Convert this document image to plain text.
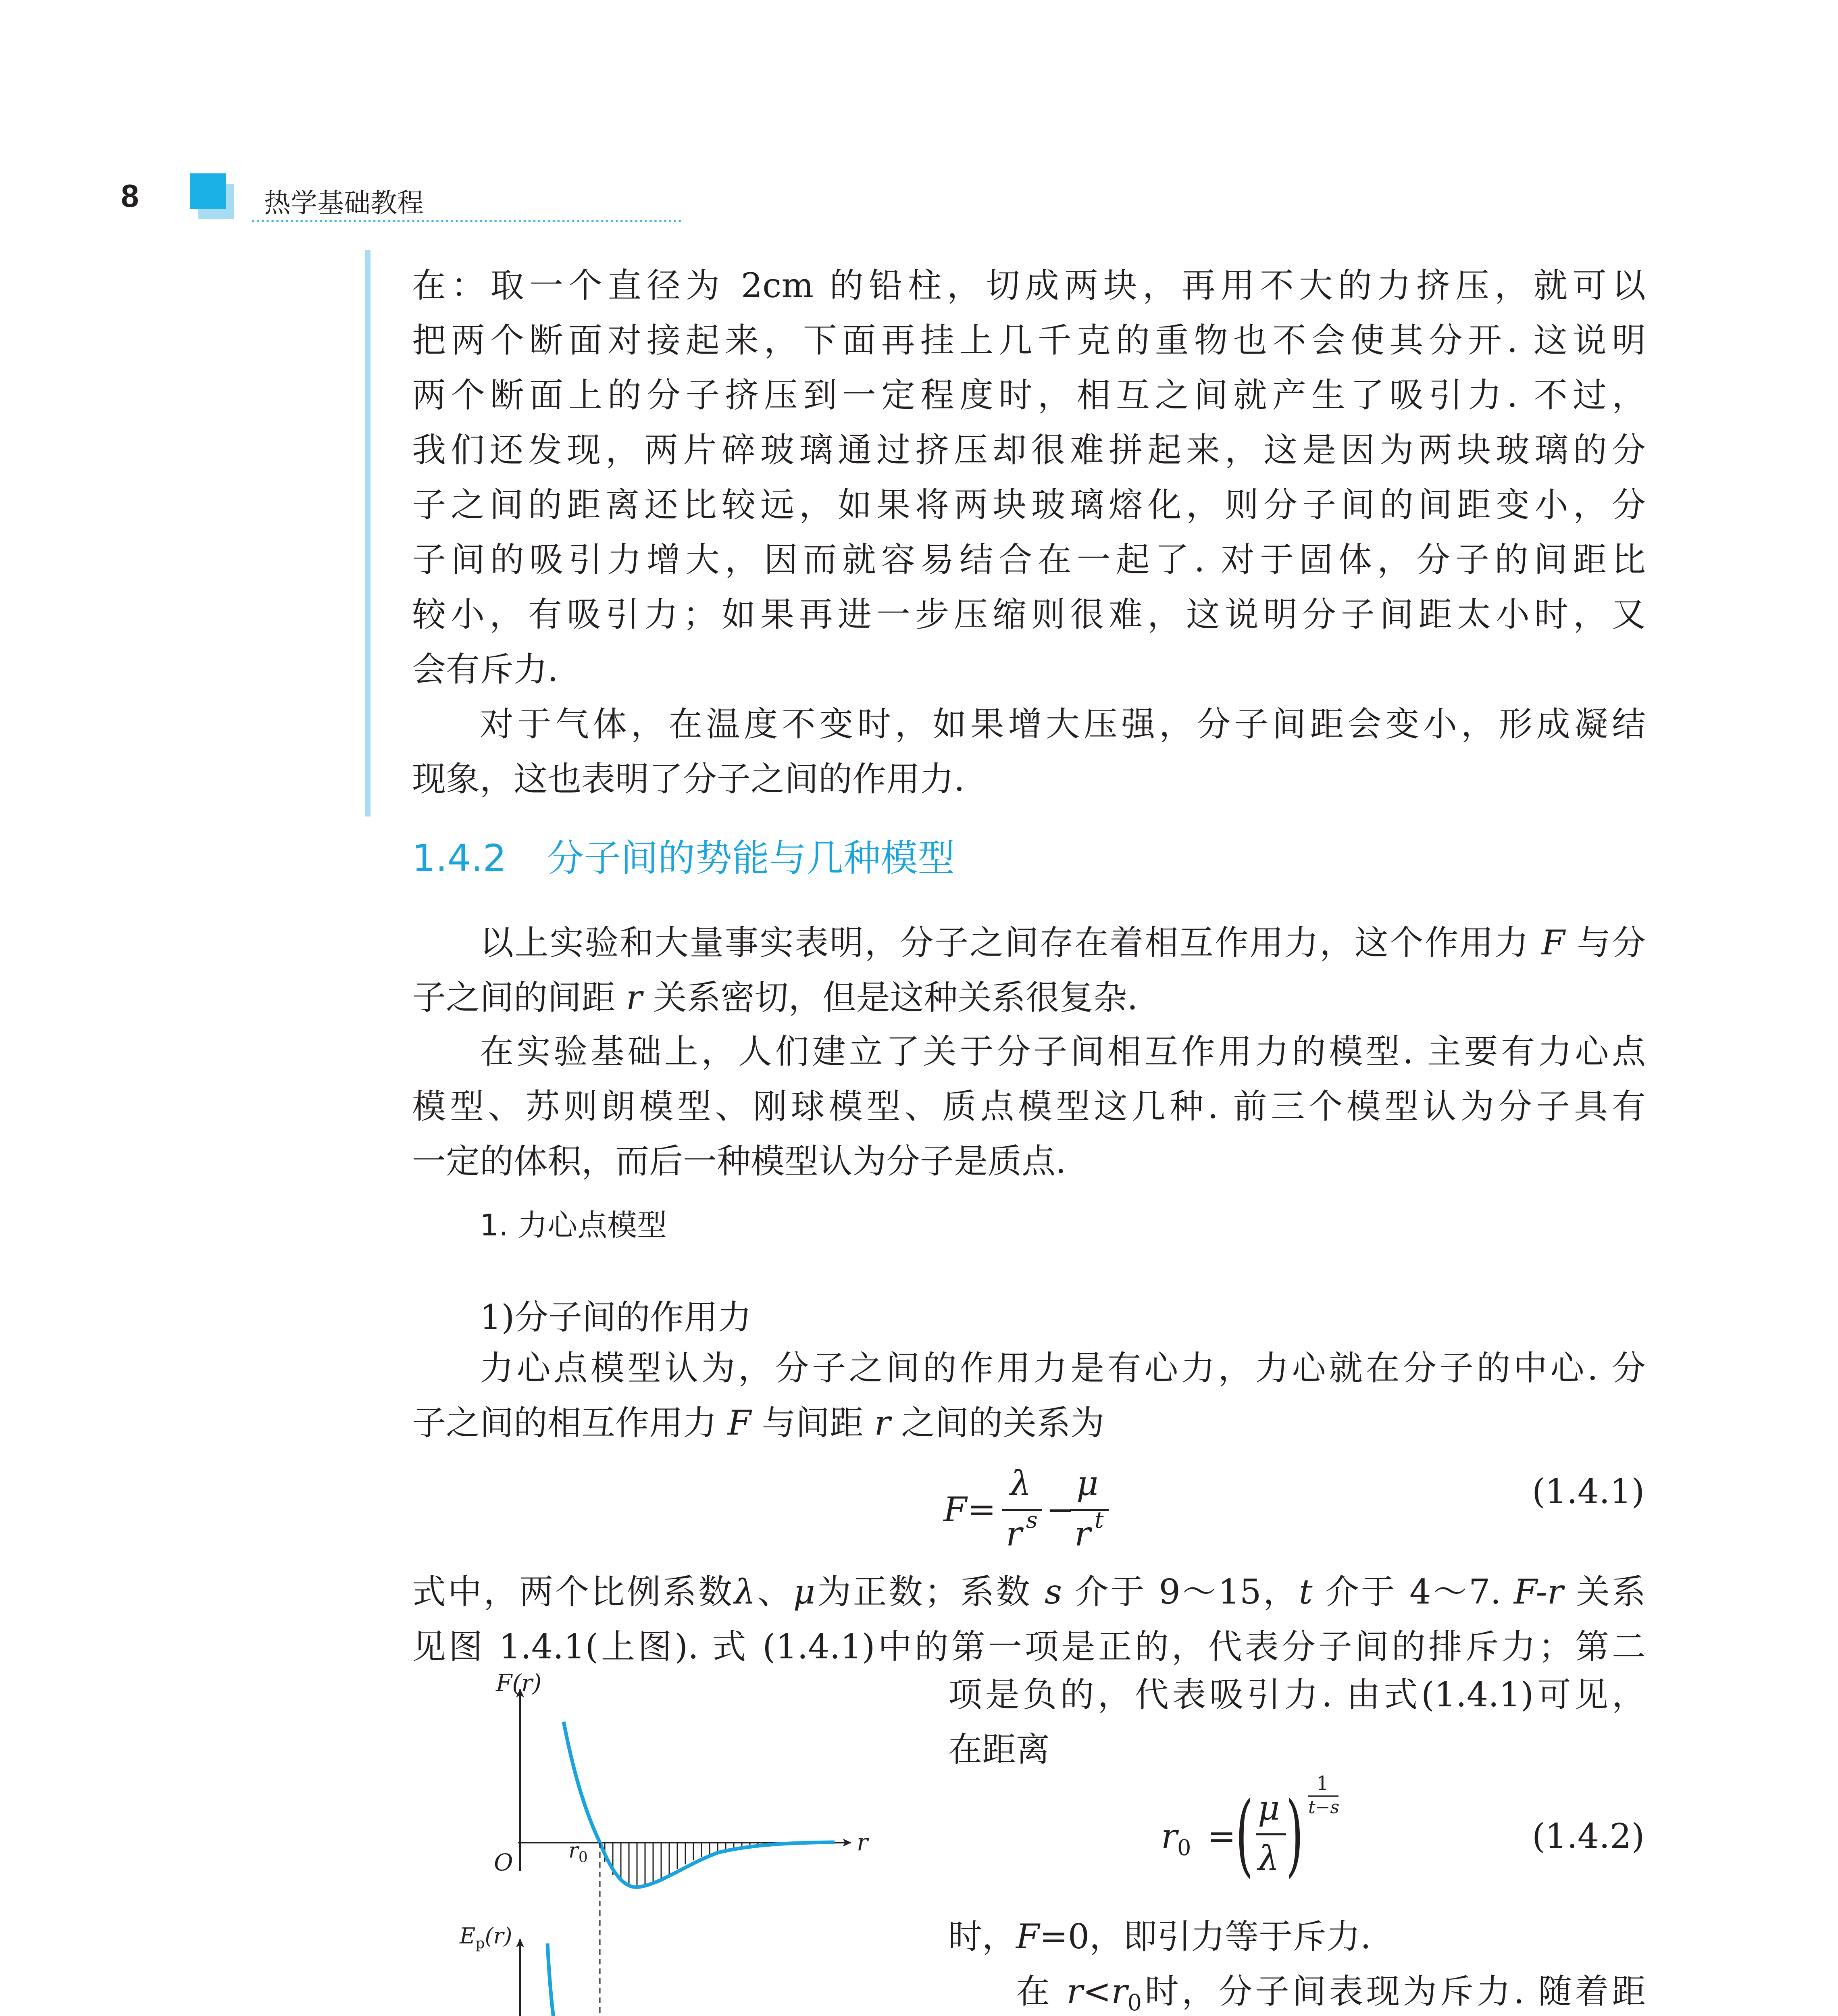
8	热学基础教程
在：取一个直径为 2cm 的铅柱，切成两块，再用不大的力挤压，就可以
把两个断面对接起来，下面再挂上几千克的重物也不会使其分开. 这说明
两个断面上的分子挤压到一定程度时，相互之间就产生了吸引力. 不过，
我们还发现，两片碎玻璃通过挤压却很难拼起来，这是因为两块玻璃的分
子之间的距离还比较远，如果将两块玻璃熔化，则分子间的间距变小，分
子间的吸引力增大，因而就容易结合在一起了. 对于固体，分子的间距比
较小，有吸引力；如果再进一步压缩则很难，这说明分子间距太小时，又
会有斥力.
对于气体，在温度不变时，如果增大压强，分子间距会变小，形成凝结
现象，这也表明了分子之间的作用力.
1.4.2 分子间的势能与几种模型
以上实验和大量事实表明，分子之间存在着相互作用力，这个作用力 F 与分
子之间的间距 r 关系密切，但是这种关系很复杂.
在实验基础上，人们建立了关于分子间相互作用力的模型. 主要有力心点
模型、苏则朗模型、刚球模型、质点模型这几种. 前三个模型认为分子具有
一定的体积，而后一种模型认为分子是质点.
1. 力心点模型
1)分子间的作用力
力心点模型认为，分子之间的作用力是有心力，力心就在分子的中心. 分
子之间的相互作用力 F 与间距 r 之间的关系为
F =
λ
r s −
μ
r t
(1.4.1)
式中，两个比例系数λ、μ为正数；系数 s 介于 9～15，t 介于 4～7. F-r 关系
见图 1.4.1(上图). 式 (1.4.1)中的第一项是正的，代表分子间的排斥力；第二
F(r)
O	$r_0$
r
$E_p(r)$
项是负的，代表吸引力. 由式(1.4.1)可见，
在距离
$r_0$ = ( μ
λ ) 1
t−s
(1.4.2)
时，F=0，即引力等于斥力.
在 $r<r_0$时，分子间表现为斥力. 随着距
